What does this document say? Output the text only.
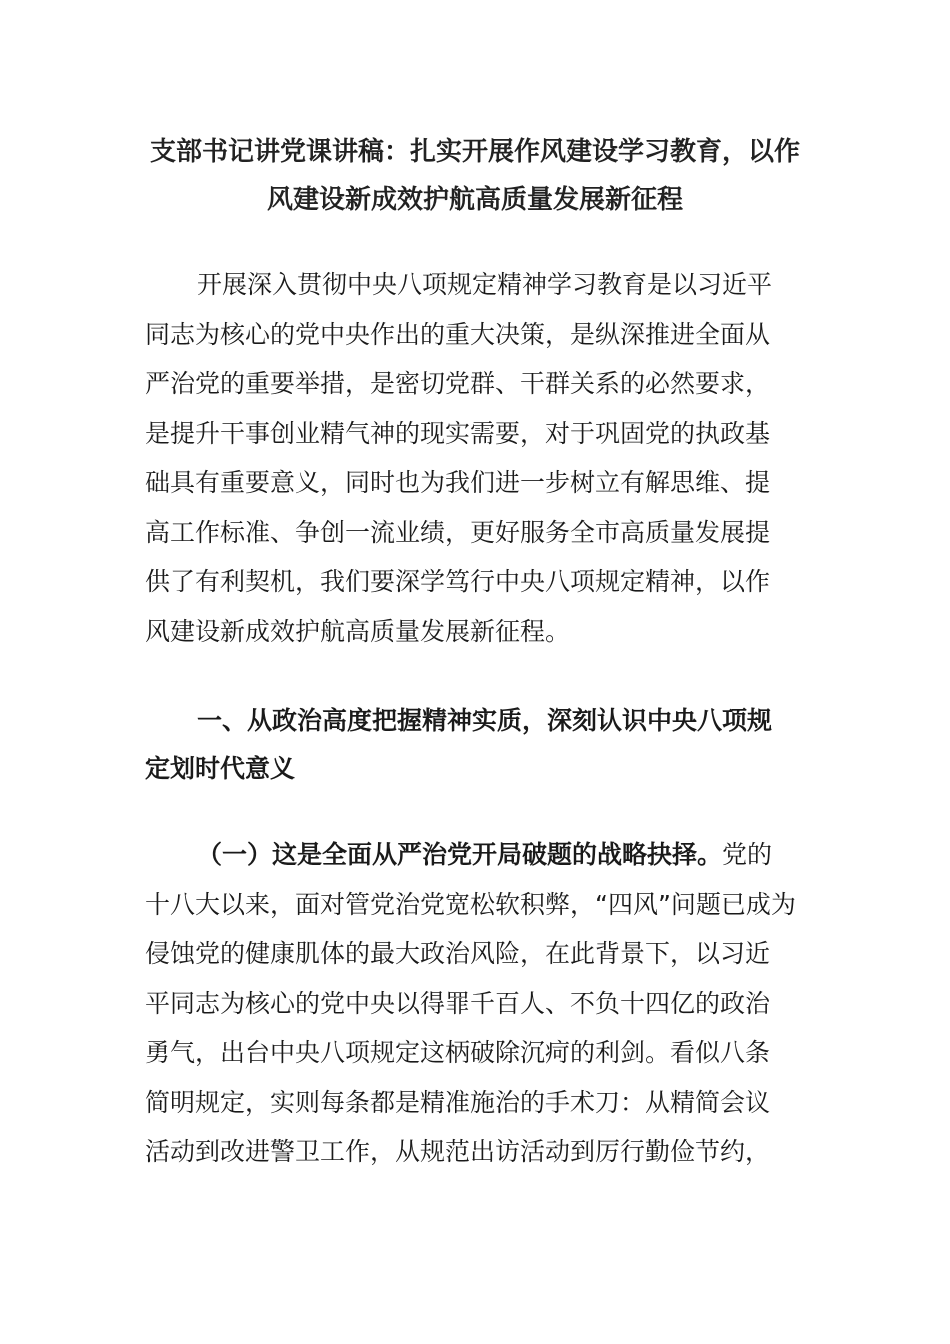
支部书记讲党课讲稿：扎实开展作风建设学习教育，以作
风建设新成效护航高质量发展新征程
开展深入贯彻中央八项规定精神学习教育是以习近平
同志为核心的党中央作出的重大决策，是纵深推进全面从
严治党的重要举措，是密切党群、干群关系的必然要求，
是提升干事创业精气神的现实需要，对于巩固党的执政基
础具有重要意义，同时也为我们进一步树立有解思维、提
高工作标准、争创一流业绩，更好服务全市高质量发展提
供了有利契机，我们要深学笃行中央八项规定精神，以作
风建设新成效护航高质量发展新征程。
一、从政治高度把握精神实质，深刻认识中央八项规
定划时代意义
（一）这是全面从严治党开局破题的战略抉择。党的
十八大以来，面对管党治党宽松软积弊，“四风”问题已成为
侵蚀党的健康肌体的最大政治风险，在此背景下，以习近
平同志为核心的党中央以得罪千百人、不负十四亿的政治
勇气，出台中央八项规定这柄破除沉疴的利剑。看似八条
简明规定，实则每条都是精准施治的手术刀：从精简会议
活动到改进警卫工作，从规范出访活动到厉行勤俭节约，
